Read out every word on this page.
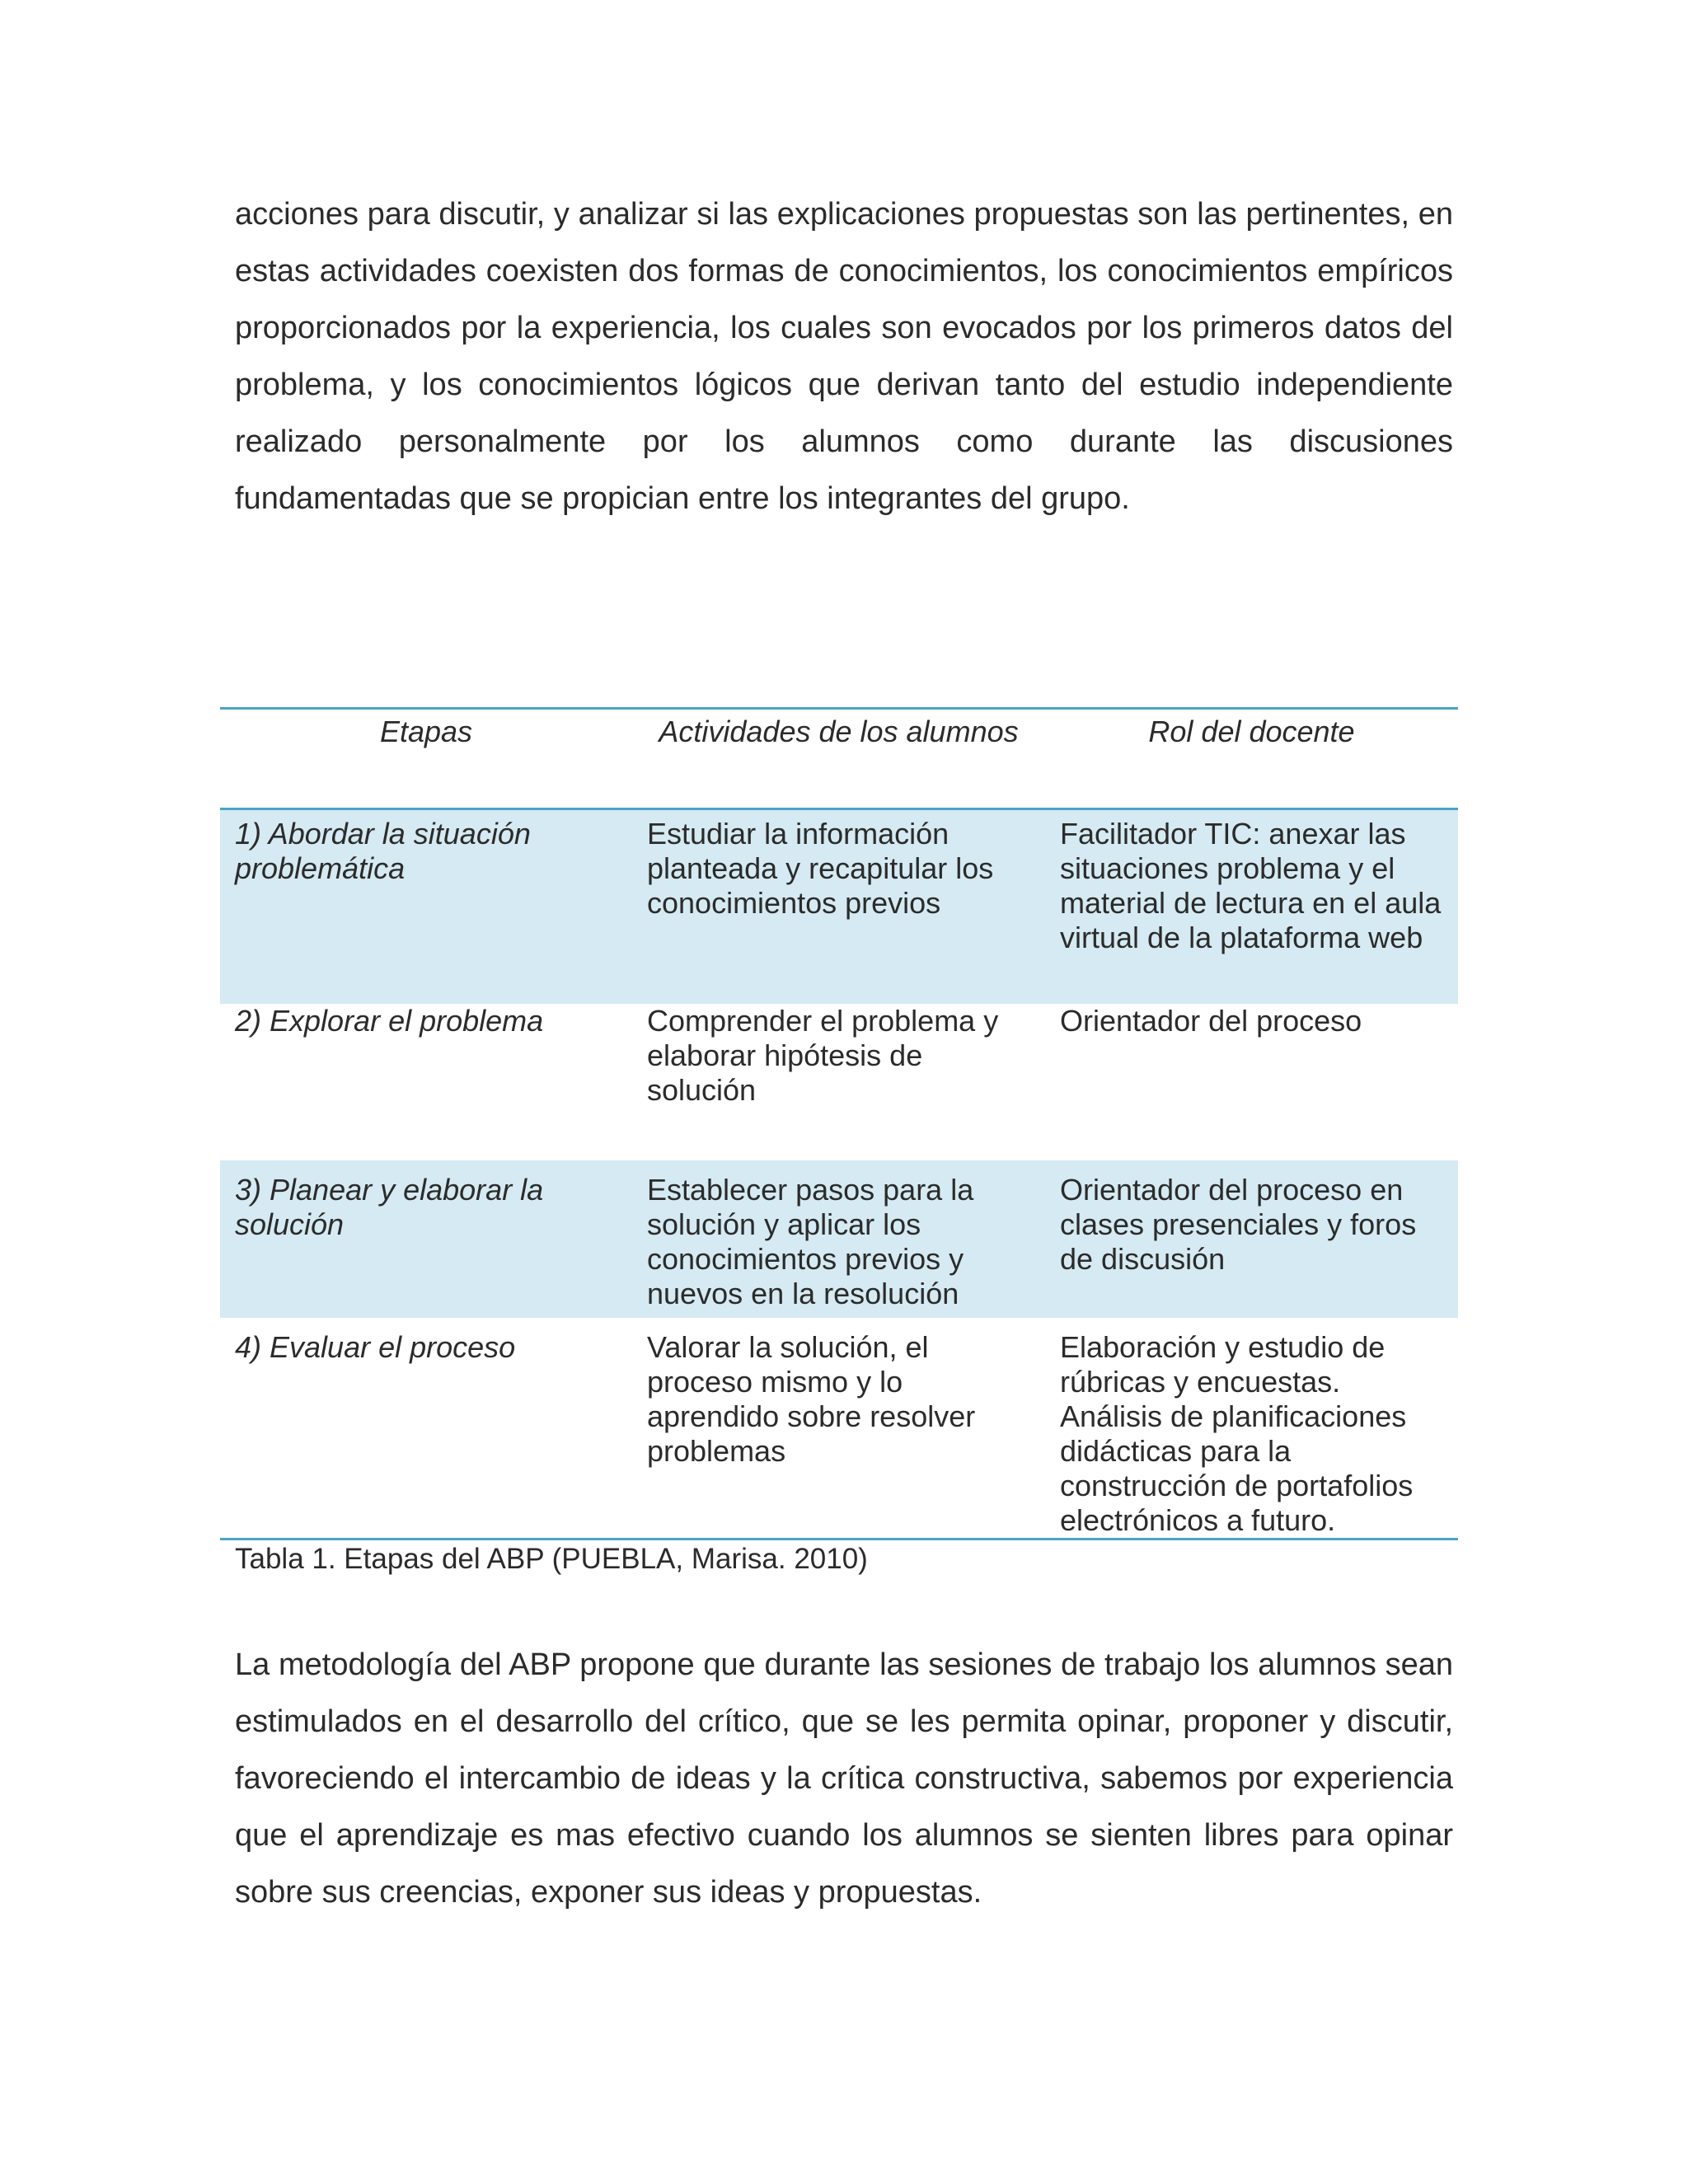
acciones para discutir, y analizar si las explicaciones propuestas son las pertinentes, en estas actividades coexisten dos formas de conocimientos, los conocimientos empíricos proporcionados por la experiencia, los cuales son evocados por los primeros datos del problema, y los conocimientos lógicos que derivan tanto del estudio independiente realizado personalmente por los alumnos como durante las discusiones fundamentadas que se propician entre los integrantes del grupo.

Etapas	Actividades de los alumnos	Rol del docente
1) Abordar la situación problemática	Estudiar la información planteada y recapitular los conocimientos previos	Facilitador TIC: anexar las situaciones problema y el material de lectura en el aula virtual de la plataforma web
2) Explorar el problema	Comprender el problema y elaborar hipótesis de solución	Orientador del proceso
3) Planear y elaborar la solución	Establecer pasos para la solución y aplicar los conocimientos previos y nuevos en la resolución	Orientador del proceso en clases presenciales y foros de discusión
4) Evaluar el proceso	Valorar la solución, el proceso mismo y lo aprendido sobre resolver problemas	Elaboración y estudio de rúbricas y encuestas. Análisis de planificaciones didácticas para la construcción de portafolios electrónicos a futuro.

Tabla 1. Etapas del ABP (PUEBLA, Marisa. 2010)

La metodología del ABP propone que durante las sesiones de trabajo los alumnos sean estimulados en el desarrollo del crítico, que se les permita opinar, proponer y discutir, favoreciendo el intercambio de ideas y la crítica constructiva, sabemos por experiencia que el aprendizaje es mas efectivo cuando los alumnos se sienten libres para opinar sobre sus creencias, exponer sus ideas y propuestas.
